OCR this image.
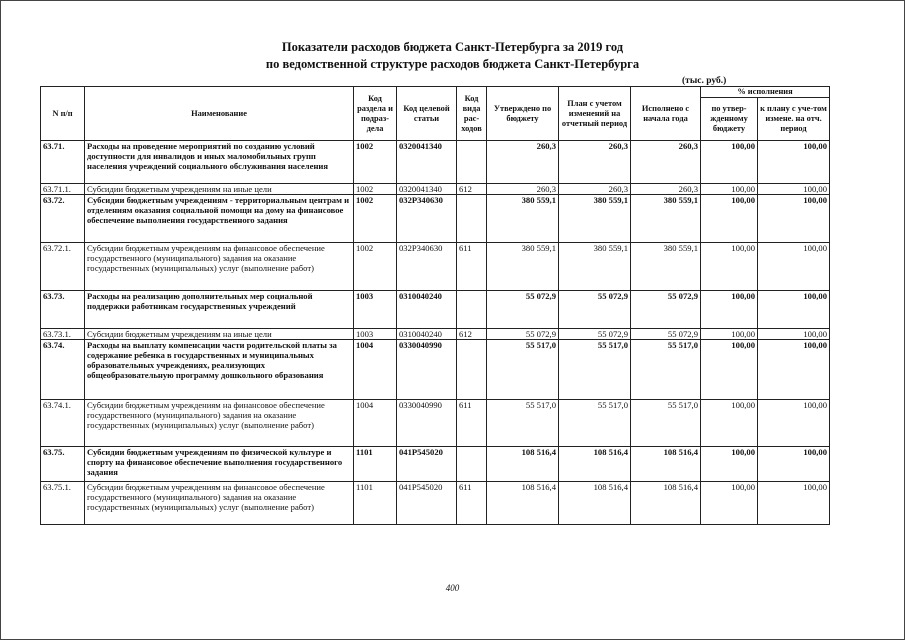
Показатели расходов бюджета Санкт-Петербурга за 2019 год
по ведомственной структуре расходов бюджета Санкт-Петербурга
(тыс. руб.)
N п/п	Наименование	Код раздела и подраз-дела	Код целевой статьи	Код вида рас-ходов	Утверждено по бюджету	План с учетом изменений на отчетный период	Исполнено с начала года	% исполнения	
								по утвер-жденному бюджету	к плану с уче-том измене. на отч. период
63.71.	Расходы на проведение мероприятий по созданию условий доступности для инвалидов и иных маломобильных групп населения учреждений социального обслуживания населения	1002	0320041340		260,3	260,3	260,3	100,00	100,00
63.71.1.	Субсидии бюджетным учреждениям на иные цели	1002	0320041340	612	260,3	260,3	260,3	100,00	100,00
63.72.	Субсидии бюджетным учреждениям - территориальным центрам и отделениям оказания социальной помощи на дому на финансовое обеспечение выполнения государственного задания	1002	032P340630		380 559,1	380 559,1	380 559,1	100,00	100,00
63.72.1.	Субсидии бюджетным учреждениям на финансовое обеспечение государственного (муниципального) задания на оказание государственных (муниципальных) услуг (выполнение работ)	1002	032P340630	611	380 559,1	380 559,1	380 559,1	100,00	100,00
63.73.	Расходы на реализацию дополнительных мер социальной поддержки работникам государственных учреждений	1003	0310040240		55 072,9	55 072,9	55 072,9	100,00	100,00
63.73.1.	Субсидии бюджетным учреждениям на иные цели	1003	0310040240	612	55 072,9	55 072,9	55 072,9	100,00	100,00
63.74.	Расходы на выплату компенсации части родительской платы за содержание ребенка в государственных и муниципальных образовательных учреждениях, реализующих общеобразовательную программу дошкольного образования	1004	0330040990		55 517,0	55 517,0	55 517,0	100,00	100,00
63.74.1.	Субсидии бюджетным учреждениям на финансовое обеспечение государственного (муниципального) задания на оказание государственных (муниципальных) услуг (выполнение работ)	1004	0330040990	611	55 517,0	55 517,0	55 517,0	100,00	100,00
63.75.	Субсидии бюджетным учреждениям по физической культуре и спорту на финансовое обеспечение выполнения государственного задания	1101	041P545020		108 516,4	108 516,4	108 516,4	100,00	100,00
63.75.1.	Субсидии бюджетным учреждениям на финансовое обеспечение государственного (муниципального) задания на оказание государственных (муниципальных) услуг (выполнение работ)	1101	041P545020	611	108 516,4	108 516,4	108 516,4	100,00	100,00
400
